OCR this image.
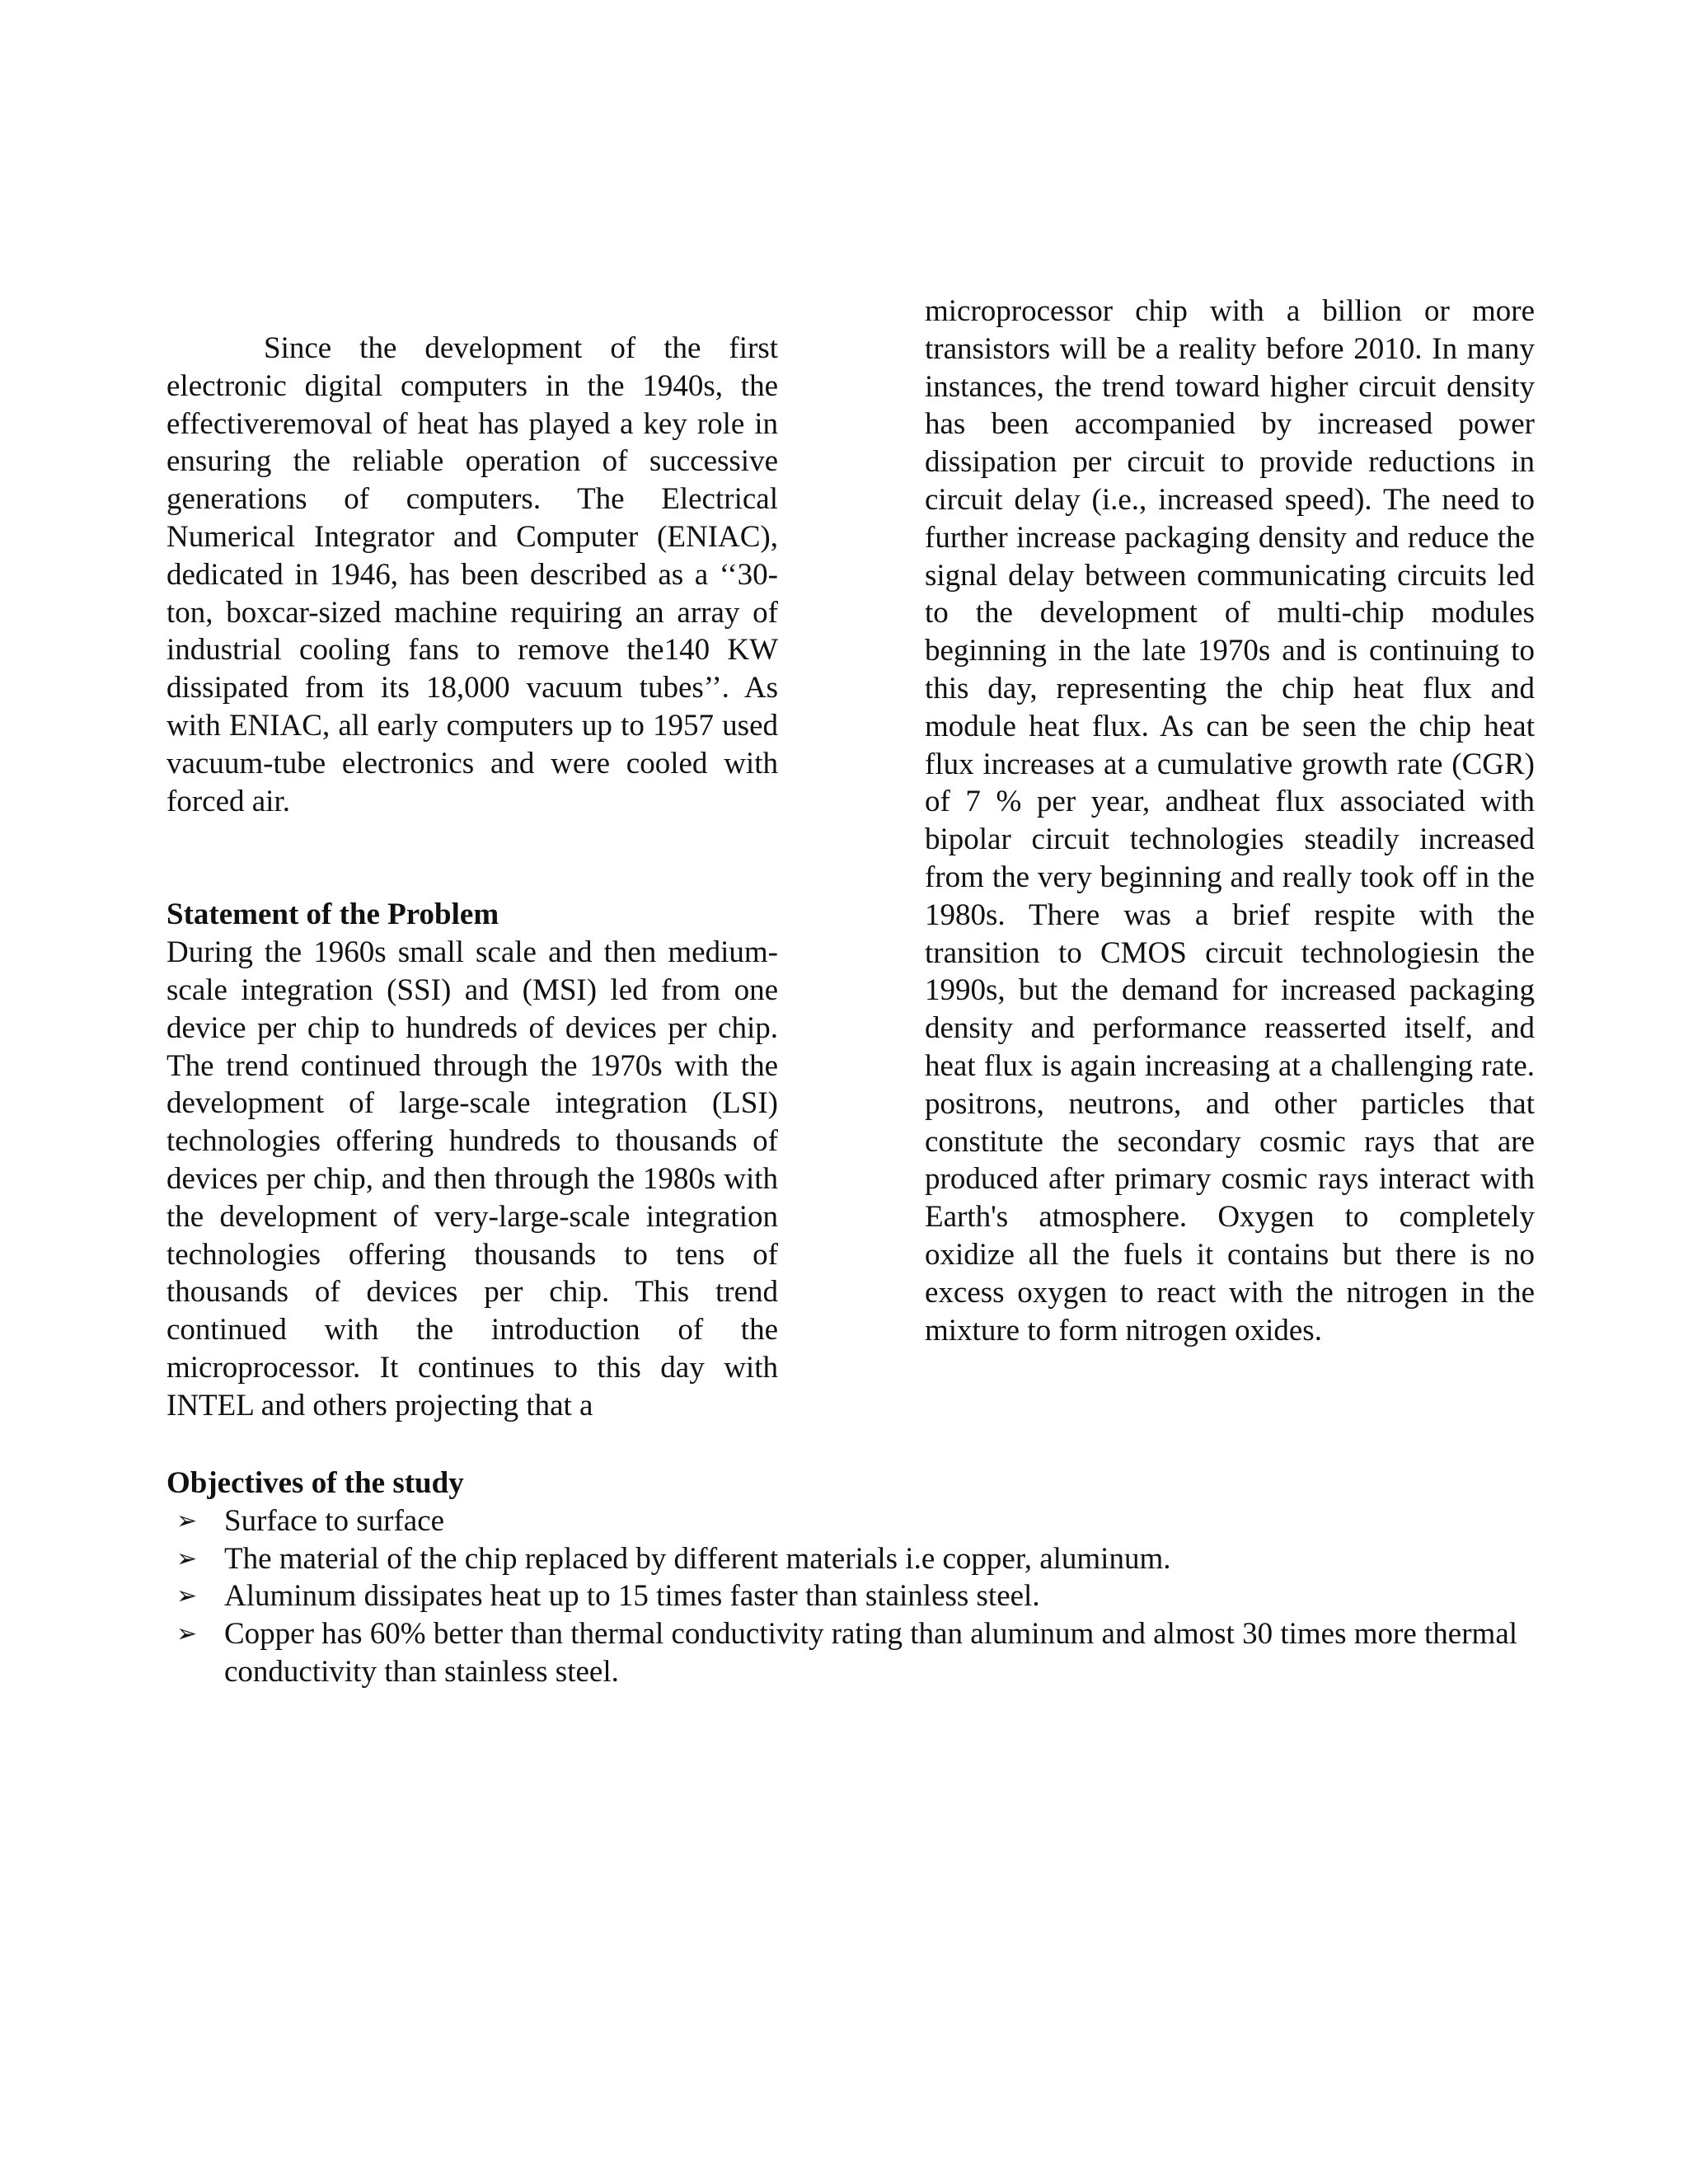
Since the development of the first electronic digital computers in the 1940s, the effectiveremoval of heat has played a key role in ensuring the reliable operation of successive generations of computers. The Electrical Numerical Integrator and Computer (ENIAC), dedicated in 1946, has been described as a ‘‘30-ton, boxcar-sized machine requiring an array of industrial cooling fans to remove the140 KW dissipated from its 18,000 vacuum tubes’’. As with ENIAC, all early computers up to 1957 used vacuum-tube electronics and were cooled with forced air.

Statement of the Problem

During the 1960s small scale and then medium-scale integration (SSI) and (MSI) led from one device per chip to hundreds of devices per chip. The trend continued through the 1970s with the development of large-scale integration (LSI) technologies offering hundreds to thousands of devices per chip, and then through the 1980s with the development of very-large-scale integration technologies offering thousands to tens of thousands of devices per chip. This trend continued with the introduction of the microprocessor. It continues to this day with INTEL and others projecting that a

microprocessor chip with a billion or more transistors will be a reality before 2010. In many instances, the trend toward higher circuit density has been accompanied by increased power dissipation per circuit to provide reductions in circuit delay (i.e., increased speed). The need to further increase packaging density and reduce the signal delay between communicating circuits led to the development of multi-chip modules beginning in the late 1970s and is continuing to this day, representing the chip heat flux and module heat flux. As can be seen the chip heat flux increases at a cumulative growth rate (CGR) of 7 % per year, andheat flux associated with bipolar circuit technologies steadily increased from the very beginning and really took off in the 1980s. There was a brief respite with the transition to CMOS circuit technologiesin the 1990s, but the demand for increased packaging density and performance reasserted itself, and heat flux is again increasing at a challenging rate. positrons, neutrons, and other particles that constitute the secondary cosmic rays that are produced after primary cosmic rays interact with Earth's atmosphere. Oxygen to completely oxidize all the fuels it contains but there is no excess oxygen to react with the nitrogen in the mixture to form nitrogen oxides.

Objectives of the study

➢ Surface to surface
➢ The material of the chip replaced by different materials i.e copper, aluminum.
➢ Aluminum dissipates heat up to 15 times faster than stainless steel.
➢ Copper has 60% better than thermal conductivity rating than aluminum and almost 30 times more thermal conductivity than stainless steel.
